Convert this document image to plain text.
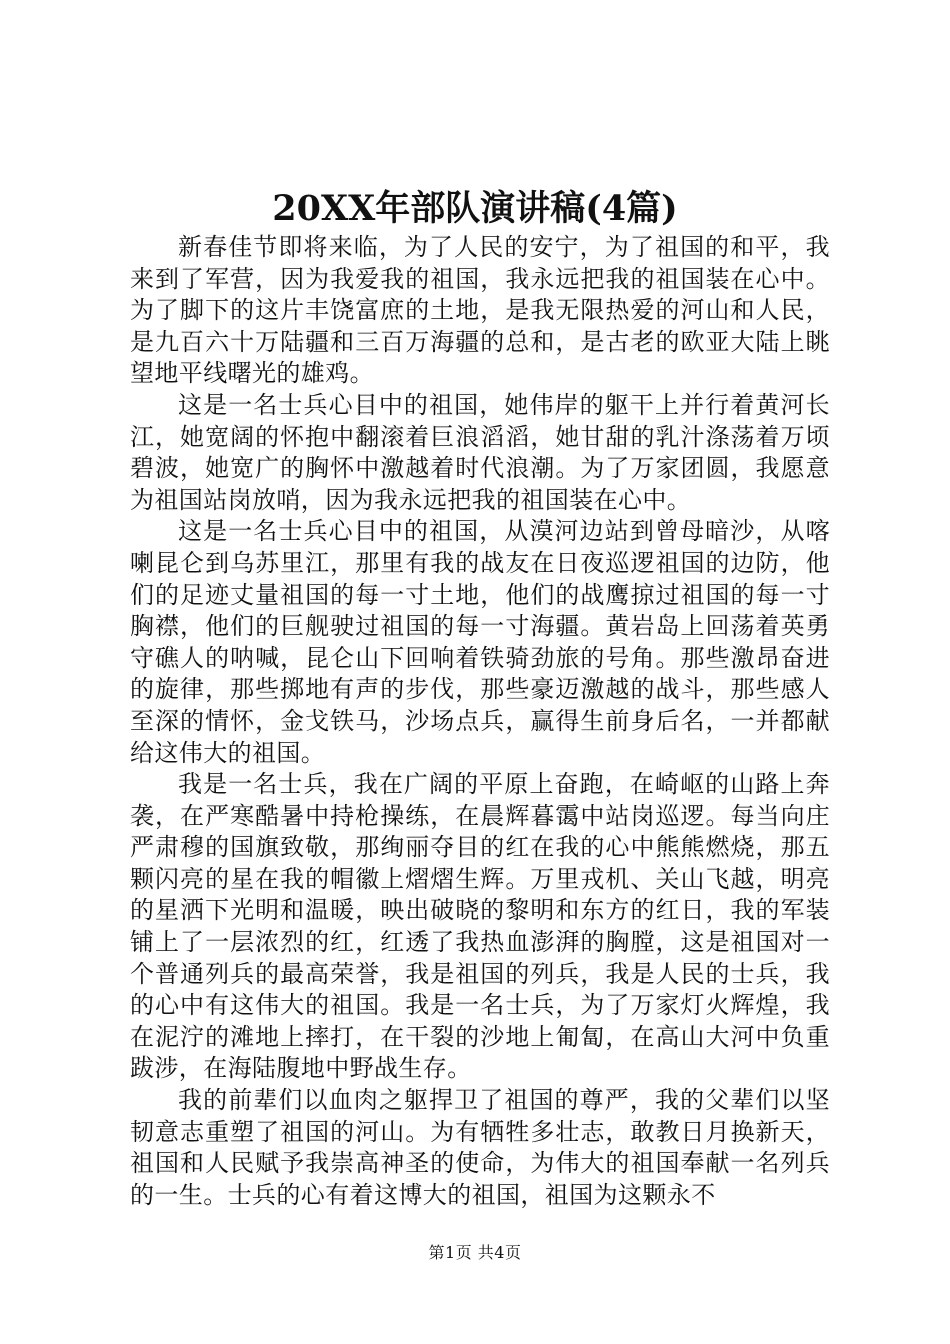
20XX年部队演讲稿(4篇)

新春佳节即将来临，为了人民的安宁，为了祖国的和平，我来到了军营，因为我爱我的祖国，我永远把我的祖国装在心中。为了脚下的这片丰饶富庶的土地，是我无限热爱的河山和人民，是九百六十万陆疆和三百万海疆的总和，是古老的欧亚大陆上眺望地平线曙光的雄鸡。

这是一名士兵心目中的祖国，她伟岸的躯干上并行着黄河长江，她宽阔的怀抱中翻滚着巨浪滔滔，她甘甜的乳汁涤荡着万顷碧波，她宽广的胸怀中激越着时代浪潮。为了万家团圆，我愿意为祖国站岗放哨，因为我永远把我的祖国装在心中。

这是一名士兵心目中的祖国，从漠河边站到曾母暗沙，从喀喇昆仑到乌苏里江，那里有我的战友在日夜巡逻祖国的边防，他们的足迹丈量祖国的每一寸土地，他们的战鹰掠过祖国的每一寸胸襟，他们的巨舰驶过祖国的每一寸海疆。黄岩岛上回荡着英勇守礁人的呐喊，昆仑山下回响着铁骑劲旅的号角。那些激昂奋进的旋律，那些掷地有声的步伐，那些豪迈激越的战斗，那些感人至深的情怀，金戈铁马，沙场点兵，赢得生前身后名，一并都献给这伟大的祖国。

我是一名士兵，我在广阔的平原上奋跑，在崎岖的山路上奔袭，在严寒酷暑中持枪操练，在晨辉暮霭中站岗巡逻。每当向庄严肃穆的国旗致敬，那绚丽夺目的红在我的心中熊熊燃烧，那五颗闪亮的星在我的帽徽上熠熠生辉。万里戎机、关山飞越，明亮的星洒下光明和温暖，映出破晓的黎明和东方的红日，我的军装铺上了一层浓烈的红，红透了我热血澎湃的胸膛，这是祖国对一个普通列兵的最高荣誉，我是祖国的列兵，我是人民的士兵，我的心中有这伟大的祖国。我是一名士兵，为了万家灯火辉煌，我在泥泞的滩地上摔打，在干裂的沙地上匍匐，在高山大河中负重跋涉，在海陆腹地中野战生存。

我的前辈们以血肉之躯捍卫了祖国的尊严，我的父辈们以坚韧意志重塑了祖国的河山。为有牺牲多壮志，敢教日月换新天，祖国和人民赋予我崇高神圣的使命，为伟大的祖国奉献一名列兵的一生。士兵的心有着这博大的祖国，祖国为这颗永不

第1页 共4页
